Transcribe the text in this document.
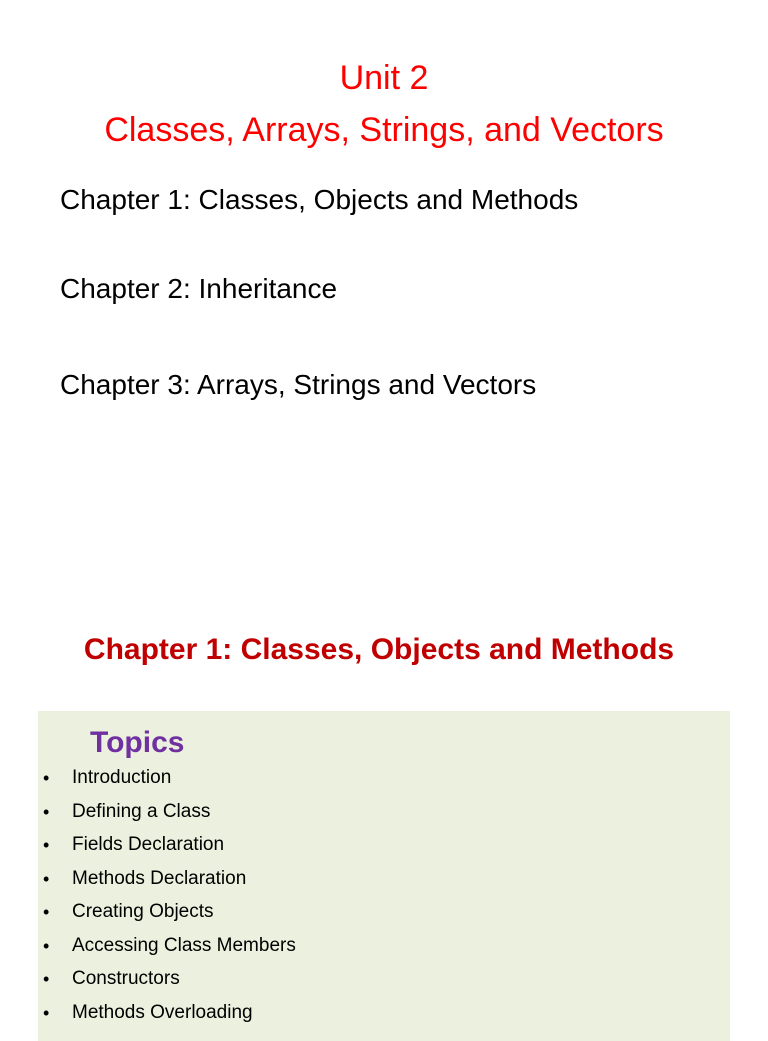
Unit 2
Classes, Arrays, Strings, and Vectors
Chapter 1: Classes, Objects and Methods
Chapter 2: Inheritance
Chapter 3: Arrays, Strings and Vectors
Chapter 1: Classes, Objects and Methods
Topics
• Introduction
• Defining a Class
• Fields Declaration
• Methods Declaration
• Creating Objects
• Accessing Class Members
• Constructors
• Methods Overloading
